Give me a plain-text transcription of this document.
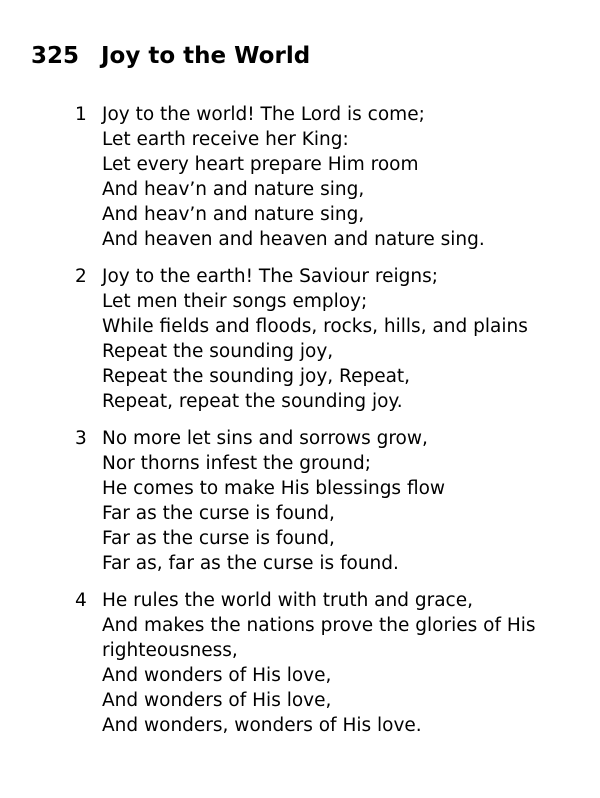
325 Joy to the World
1 Joy to the world! The Lord is come;
Let earth receive her King:
Let every heart prepare Him room
And heav’n and nature sing,
And heav’n and nature sing,
And heaven and heaven and nature sing.
2 Joy to the earth! The Saviour reigns;
Let men their songs employ;
While fields and floods, rocks, hills, and plains
Repeat the sounding joy,
Repeat the sounding joy, Repeat,
Repeat, repeat the sounding joy.
3 No more let sins and sorrows grow,
Nor thorns infest the ground;
He comes to make His blessings flow
Far as the curse is found,
Far as the curse is found,
Far as, far as the curse is found.
4 He rules the world with truth and grace,
And makes the nations prove the glories of His
righteousness,
And wonders of His love,
And wonders of His love,
And wonders, wonders of His love.
